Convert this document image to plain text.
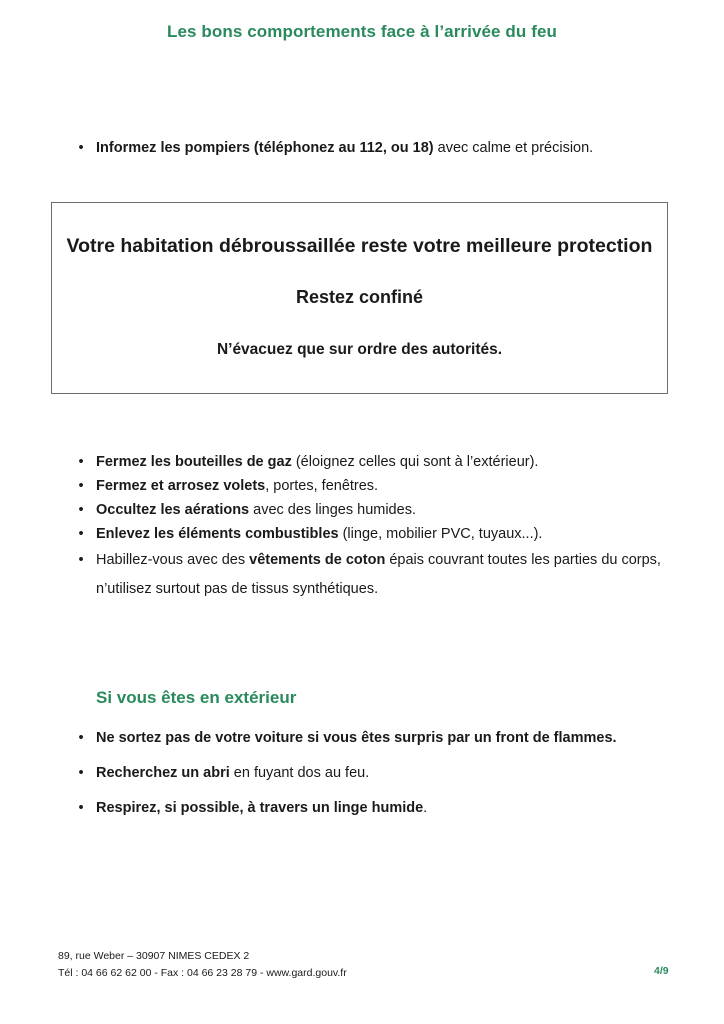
Les bons comportements face à l’arrivée du feu
• Informez les pompiers (téléphonez au 112, ou 18) avec calme et précision.
Votre habitation débroussaillée reste votre meilleure protection
Restez confiné
N’évacuez que sur ordre des autorités.
• Fermez les bouteilles de gaz (éloignez celles qui sont à l’extérieur).
• Fermez et arrosez volets, portes, fenêtres.
• Occultez les aérations avec des linges humides.
• Enlevez les éléments combustibles (linge, mobilier PVC, tuyaux...).
• Habillez-vous avec des vêtements de coton épais couvrant toutes les parties du corps, n’utilisez surtout pas de tissus synthétiques.
Si vous êtes en extérieur
• Ne sortez pas de votre voiture si vous êtes surpris par un front de flammes.
• Recherchez un abri en fuyant dos au feu.
• Respirez, si possible, à travers un linge humide.
89, rue Weber – 30907 NIMES CEDEX 2
Tél : 04 66 62 62 00 - Fax : 04 66 23 28 79 - www.gard.gouv.fr	4/9
